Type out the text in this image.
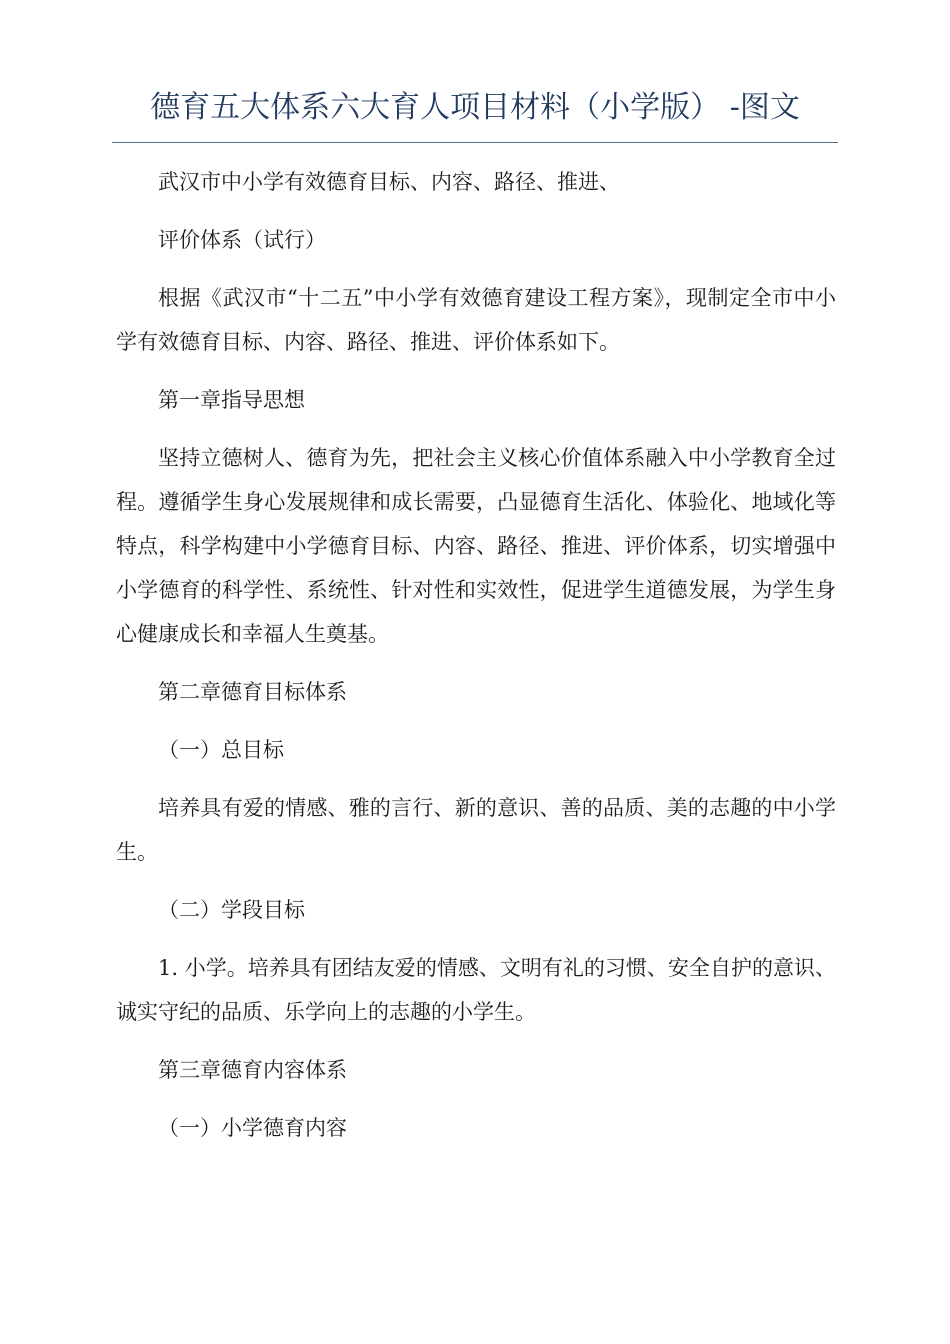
德育五大体系六大育人项目材料（小学版） -图文

武汉市中小学有效德育目标、内容、路径、推进、

评价体系（试行）

根据《武汉市“十二五”中小学有效德育建设工程方案》，现制定全市中小学有效德育目标、内容、路径、推进、评价体系如下。

第一章指导思想

坚持立德树人、德育为先，把社会主义核心价值体系融入中小学教育全过程。遵循学生身心发展规律和成长需要，凸显德育生活化、体验化、地域化等特点，科学构建中小学德育目标、内容、路径、推进、评价体系，切实增强中小学德育的科学性、系统性、针对性和实效性，促进学生道德发展，为学生身心健康成长和幸福人生奠基。

第二章德育目标体系

（一）总目标

培养具有爱的情感、雅的言行、新的意识、善的品质、美的志趣的中小学生。

（二）学段目标

1. 小学。培养具有团结友爱的情感、文明有礼的习惯、安全自护的意识、诚实守纪的品质、乐学向上的志趣的小学生。

第三章德育内容体系

（一）小学德育内容
